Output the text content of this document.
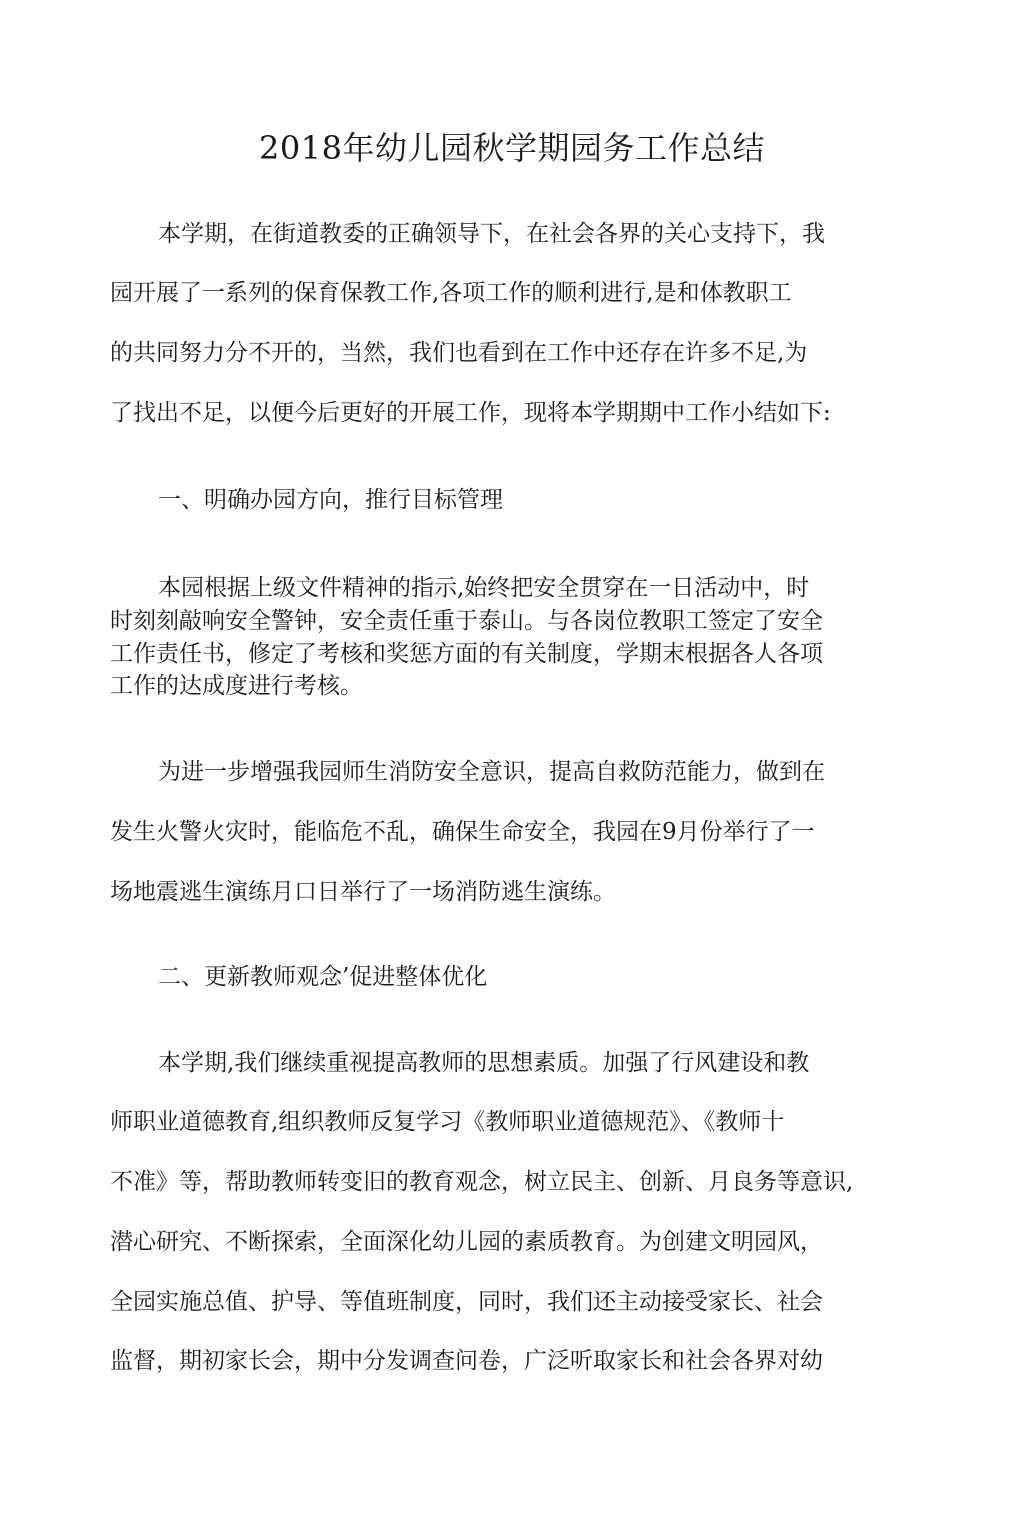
2018年幼儿园秋学期园务工作总结
本学期，在街道教委的正确领导下，在社会各界的关心支持下，我
园开展了一系列的保育保教工作,各项工作的顺利进行,是和体教职工
的共同努力分不开的，当然，我们也看到在工作中还存在许多不足,为
了找出不足，以便今后更好的开展工作，现将本学期期中工作小结如下:
一、明确办园方向，推行目标管理
本园根据上级文件精神的指示,始终把安全贯穿在一日活动中，时
时刻刻敲响安全警钟，安全责任重于泰山。与各岗位教职工签定了安全
工作责任书，修定了考核和奖惩方面的有关制度，学期末根据各人各项
工作的达成度进行考核。
为进一步增强我园师生消防安全意识，提高自救防范能力，做到在
发生火警火灾时，能临危不乱，确保生命安全，我园在9月份举行了一
场地震逃生演练月口日举行了一场消防逃生演练。
二、更新教师观念’促进整体优化
本学期,我们继续重视提高教师的思想素质。加强了行风建设和教
师职业道德教育,组织教师反复学习《教师职业道德规范》、《教师十
不准》等，帮助教师转变旧的教育观念，树立民主、创新、月良务等意识,
潜心研究、不断探索，全面深化幼儿园的素质教育。为创建文明园风，
全园实施总值、护导、等值班制度，同时，我们还主动接受家长、社会
监督，期初家长会，期中分发调查问卷，广泛听取家长和社会各界对幼
